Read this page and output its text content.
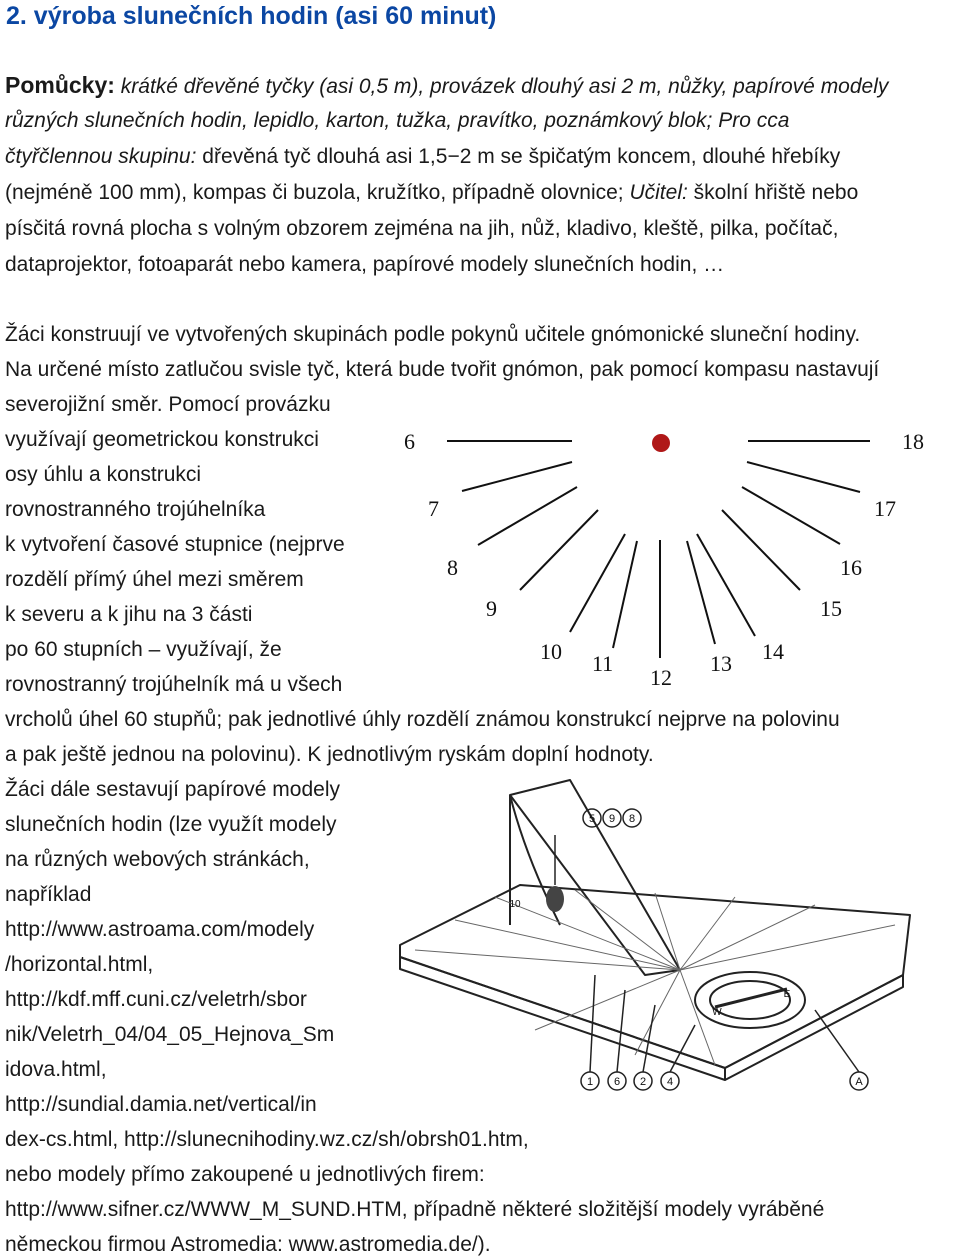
2. výroba slunečních hodin (asi 60 minut)
Pomůcky: krátké dřevěné tyčky (asi 0,5 m), provázek dlouhý asi 2 m, nůžky, papírové modely
různých slunečních hodin, lepidlo, karton, tužka, pravítko, poznámkový blok; Pro cca
čtyřčlennou skupinu: dřevěná tyč dlouhá asi 1,5−2 m se špičatým koncem, dlouhé hřebíky
(nejméně 100 mm), kompas či buzola, kružítko, případně olovnice; Učitel: školní hřiště nebo
písčitá rovná plocha s volným obzorem zejména na jih, nůž, kladivo, kleště, pilka, počítač,
dataprojektor, fotoaparát nebo kamera, papírové modely slunečních hodin, …
Žáci konstruují ve vytvořených skupinách podle pokynů učitele gnómonické sluneční hodiny.
Na určené místo zatlučou svisle tyč, která bude tvořit gnómon, pak pomocí kompasu nastavují
severojižní směr. Pomocí provázku
využívají geometrickou konstrukci
osy úhlu a konstrukci
rovnostranného trojúhelníka
k vytvoření časové stupnice (nejprve
rozdělí přímý úhel mezi směrem
k severu a k jihu na 3 části
po 60 stupních – využívají, že
rovnostranný trojúhelník má u všech
vrcholů úhel 60 stupňů; pak jednotlivé úhly rozdělí známou konstrukcí nejprve na polovinu
a pak ještě jednou na polovinu). K jednotlivým ryskám doplní hodnoty.
Žáci dále sestavují papírové modely
slunečních hodin (lze využít modely
na různých webových stránkách,
například
http://www.astroama.com/modely
/horizontal.html,
http://kdf.mff.cuni.cz/veletrh/sbor
nik/Veletrh_04/04_05_Hejnova_Sm
idova.html,
http://sundial.damia.net/vertical/in
dex-cs.html, http://slunecnihodiny.wz.cz/sh/obrsh01.htm,
nebo modely přímo zakoupené u jednotlivých firem:
http://www.sifner.cz/WWW_M_SUND.HTM, případně některé složitější modely vyráběné
německou firmou Astromedia: www.astromedia.de/).
6
7
8
9
10 11
12
13 14
15
16
17
18
5 9 8
1 6 2 4	A
W
E
10
